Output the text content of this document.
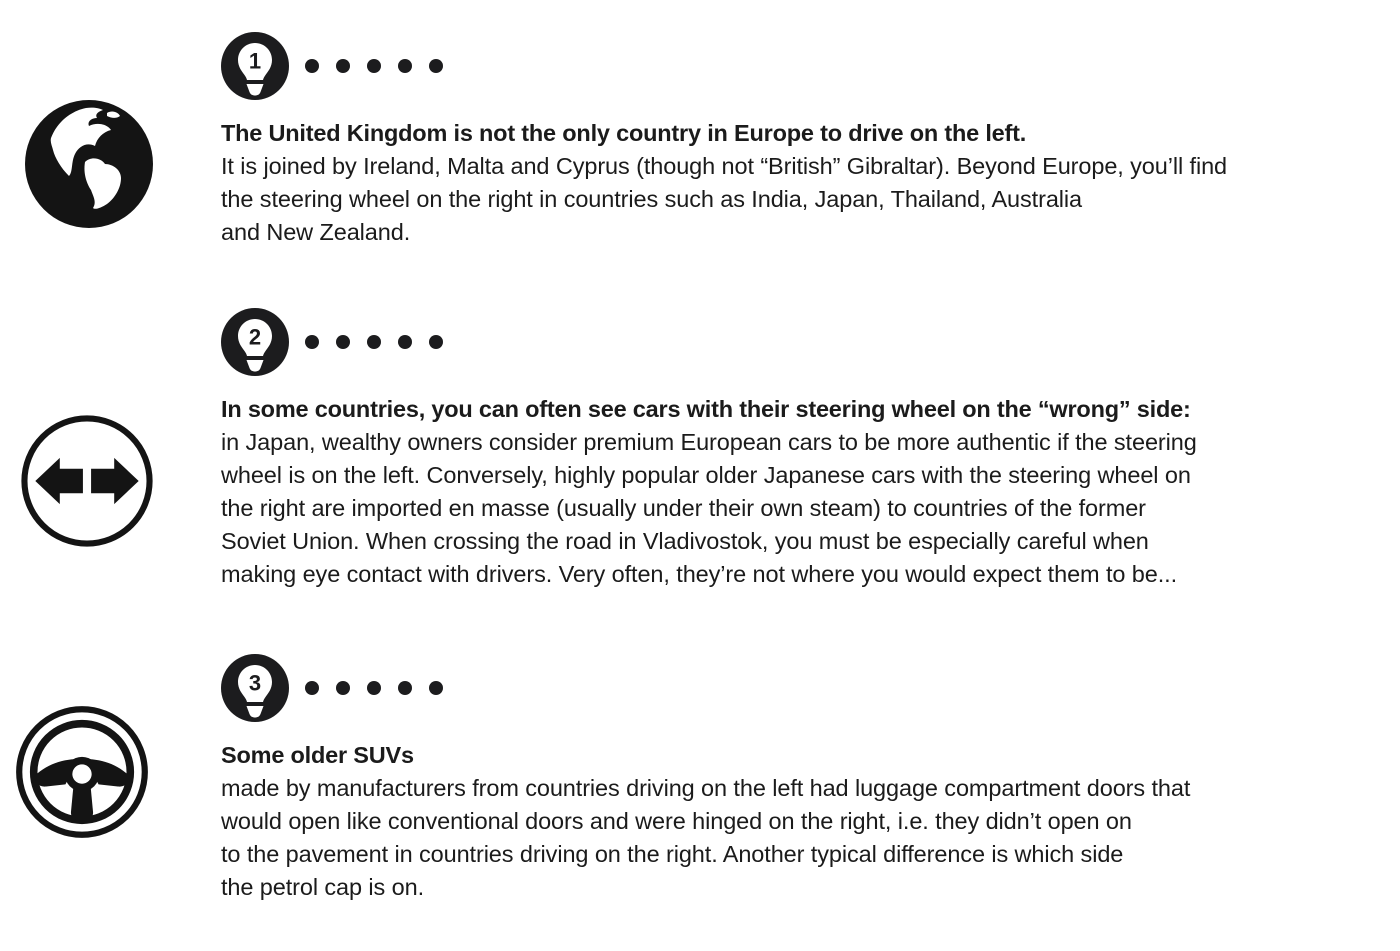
1
The United Kingdom is not the only country in Europe to drive on the left.
It is joined by Ireland, Malta and Cyprus (though not “British” Gibraltar). Beyond Europe, you’ll find
the steering wheel on the right in countries such as India, Japan, Thailand, Australia
and New Zealand.
2
In some countries, you can often see cars with their steering wheel on the “wrong” side:
in Japan, wealthy owners consider premium European cars to be more authentic if the steering
wheel is on the left. Conversely, highly popular older Japanese cars with the steering wheel on
the right are imported en masse (usually under their own steam) to countries of the former
Soviet Union. When crossing the road in Vladivostok, you must be especially careful when
making eye contact with drivers. Very often, they’re not where you would expect them to be...
3
Some older SUVs
made by manufacturers from countries driving on the left had luggage compartment doors that
would open like conventional doors and were hinged on the right, i.e. they didn’t open on
to the pavement in countries driving on the right. Another typical difference is which side
the petrol cap is on.
